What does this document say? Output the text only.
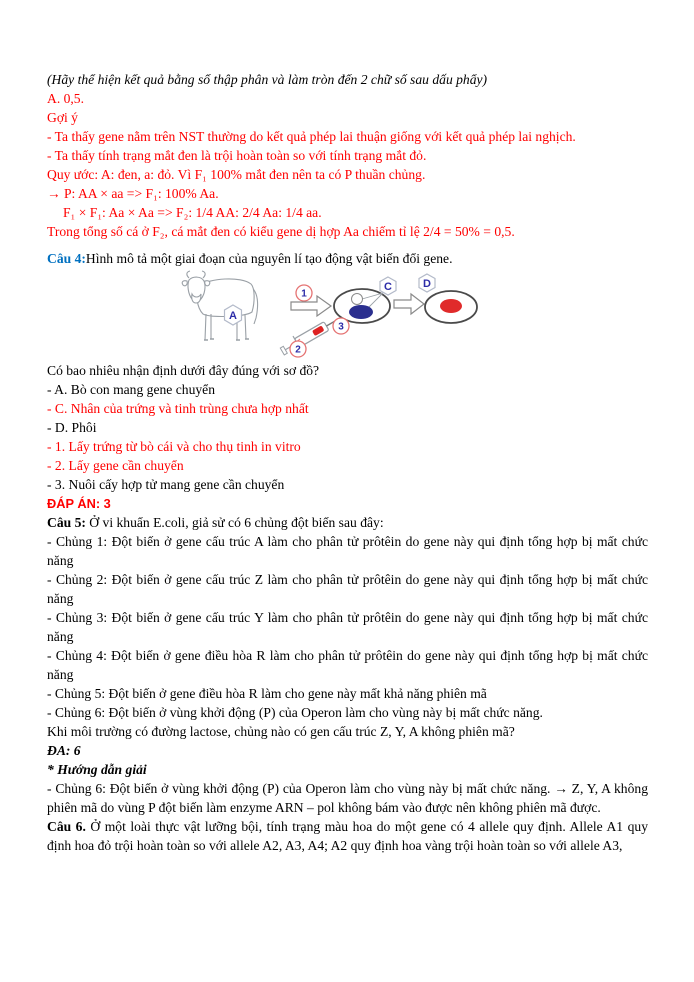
(Hãy thể hiện kết quả bằng số thập phân và làm tròn đến 2 chữ số sau dấu phẩy)

A. 0,5.

Gợi ý

- Ta thấy gene nằm trên NST thường do kết quả phép lai thuận giống với kết quả phép lai nghịch.

- Ta thấy tính trạng mắt đen là trội hoàn toàn so với tính trạng mắt đỏ.

Quy ước: A: đen, a: đỏ. Vì F₁ 100% mắt đen nên ta có P thuần chủng.

→ P: AA × aa => F₁: 100% Aa.

F₁ × F₁: Aa × Aa => F₂: 1/4 AA: 2/4 Aa: 1/4 aa.

Trong tổng số cá ở F₂, cá mắt đen có kiểu gene dị hợp Aa chiếm tỉ lệ 2/4 = 50% = 0,5.

Câu 4:Hình mô tả một giai đoạn của nguyên lí tạo động vật biến đổi gene.

A
1
C
3
2
D

Có bao nhiêu nhận định dưới đây đúng với sơ đồ?

- A. Bò con mang gene chuyển

- C. Nhân của trứng và tinh trùng chưa hợp nhất

- D. Phôi

- 1. Lấy trứng từ bò cái và cho thụ tinh in vitro

- 2. Lấy gene cần chuyển

- 3. Nuôi cấy hợp tử mang gene cần chuyển

ĐÁP ÁN: 3

Câu 5: Ở vi khuẩn E.coli, giả sử có 6 chủng đột biến sau đây:

- Chủng 1: Đột biến ở gene cấu trúc A làm cho phân tử prôtêin do gene này qui định tổng hợp bị mất chức năng

- Chủng 2: Đột biến ở gene cấu trúc Z làm cho phân tử prôtêin do gene này qui định tổng hợp bị mất chức năng

- Chủng 3: Đột biến ở gene cấu trúc Y làm cho phân tử prôtêin do gene này qui định tổng hợp bị mất chức năng

- Chủng 4: Đột biến ở gene điều hòa R làm cho phân tử prôtêin do gene này qui định tổng hợp bị mất chức năng

- Chủng 5: Đột biến ở gene điều hòa R làm cho gene này mất khả năng phiên mã

- Chủng 6: Đột biến ở vùng khởi động (P) của Operon làm cho vùng này bị mất chức năng.

Khi môi trường có đường lactose, chủng nào có gen cấu trúc Z, Y, A không phiên mã?

ĐA: 6

* Hướng dẫn giải

- Chủng 6: Đột biến ở vùng khởi động (P) của Operon làm cho vùng này bị mất chức năng. → Z, Y, A không phiên mã do vùng P đột biến làm enzyme ARN – pol không bám vào được nên không phiên mã được.

Câu 6. Ở một loài thực vật lưỡng bội, tính trạng màu hoa do một gene có 4 allele quy định. Allele A1 quy định hoa đỏ trội hoàn toàn so với allele A2, A3, A4; A2 quy định hoa vàng trội hoàn toàn so với allele A3,
